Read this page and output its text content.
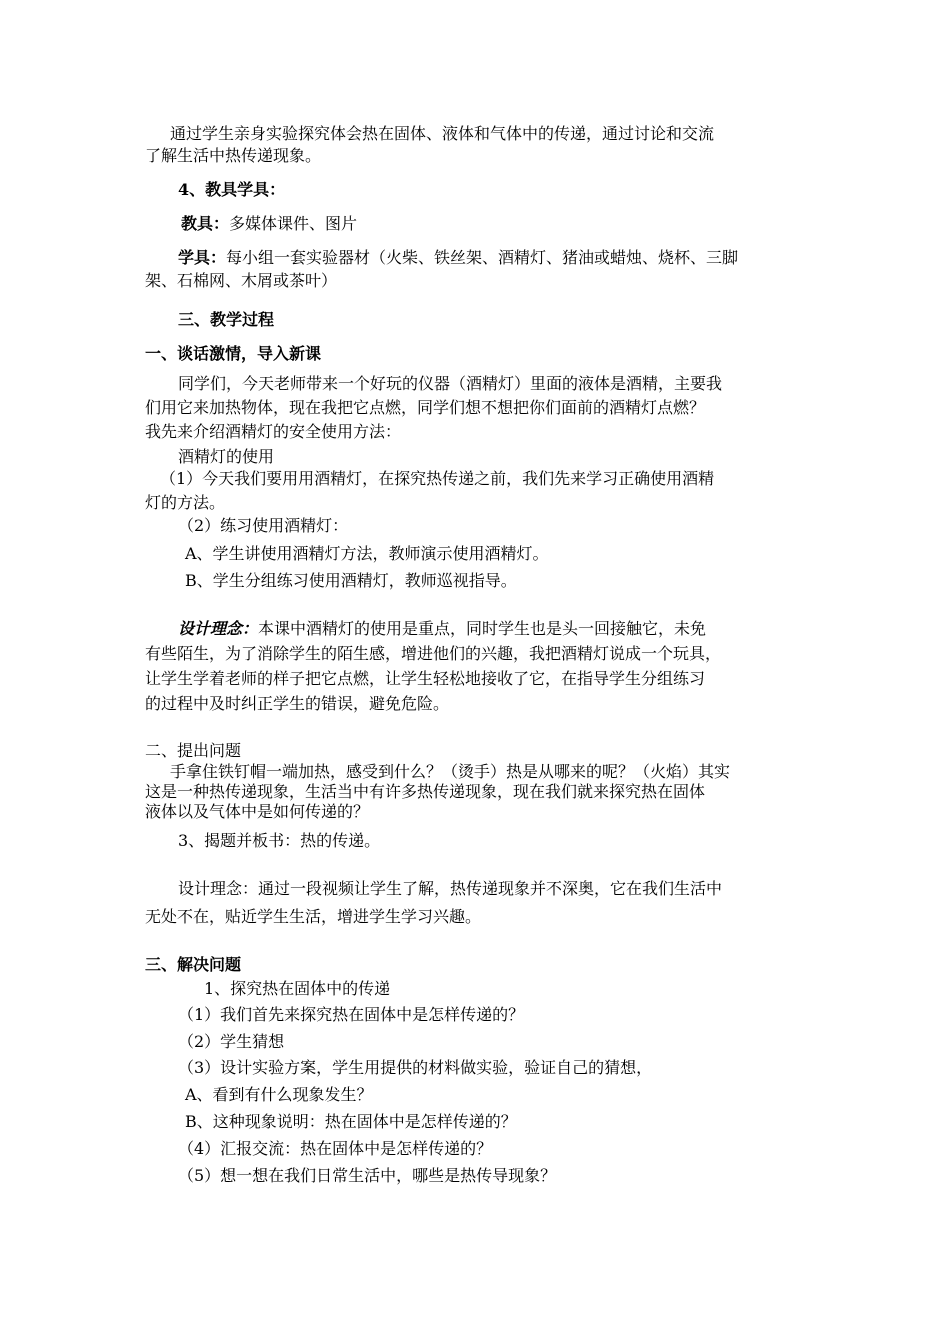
通过学生亲身实验探究体会热在固体、液体和气体中的传递，通过讨论和交流
了解生活中热传递现象。
4、教具学具：
教具：多媒体课件、图片
学具：每小组一套实验器材（火柴、铁丝架、酒精灯、猪油或蜡烛、烧杯、三脚
架、石棉网、木屑或茶叶）
三、教学过程
一、谈话激情，导入新课
同学们，今天老师带来一个好玩的仪器（酒精灯）里面的液体是酒精，主要我
们用它来加热物体，现在我把它点燃，同学们想不想把你们面前的酒精灯点燃？
我先来介绍酒精灯的安全使用方法：
酒精灯的使用
（1）今天我们要用用酒精灯，在探究热传递之前，我们先来学习正确使用酒精
灯的方法。
（2）练习使用酒精灯：
A、学生讲使用酒精灯方法，教师演示使用酒精灯。
B、学生分组练习使用酒精灯，教师巡视指导。
设计理念：本课中酒精灯的使用是重点，同时学生也是头一回接触它，未免
有些陌生，为了消除学生的陌生感，增进他们的兴趣，我把酒精灯说成一个玩具，
让学生学着老师的样子把它点燃，让学生轻松地接收了它，在指导学生分组练习
的过程中及时纠正学生的错误，避免危险。
二、提出问题
手拿住铁钉帽一端加热，感受到什么？（烫手）热是从哪来的呢？（火焰）其实
这是一种热传递现象，生活当中有许多热传递现象，现在我们就来探究热在固体
液体以及气体中是如何传递的？
3、揭题并板书：热的传递。
设计理念：通过一段视频让学生了解，热传递现象并不深奥，它在我们生活中
无处不在，贴近学生生活，增进学生学习兴趣。
三、解决问题
1、探究热在固体中的传递
（1）我们首先来探究热在固体中是怎样传递的？
（2）学生猜想
（3）设计实验方案，学生用提供的材料做实验，验证自己的猜想，
A、看到有什么现象发生？
B、这种现象说明：热在固体中是怎样传递的？
（4）汇报交流：热在固体中是怎样传递的？
（5）想一想在我们日常生活中，哪些是热传导现象？
